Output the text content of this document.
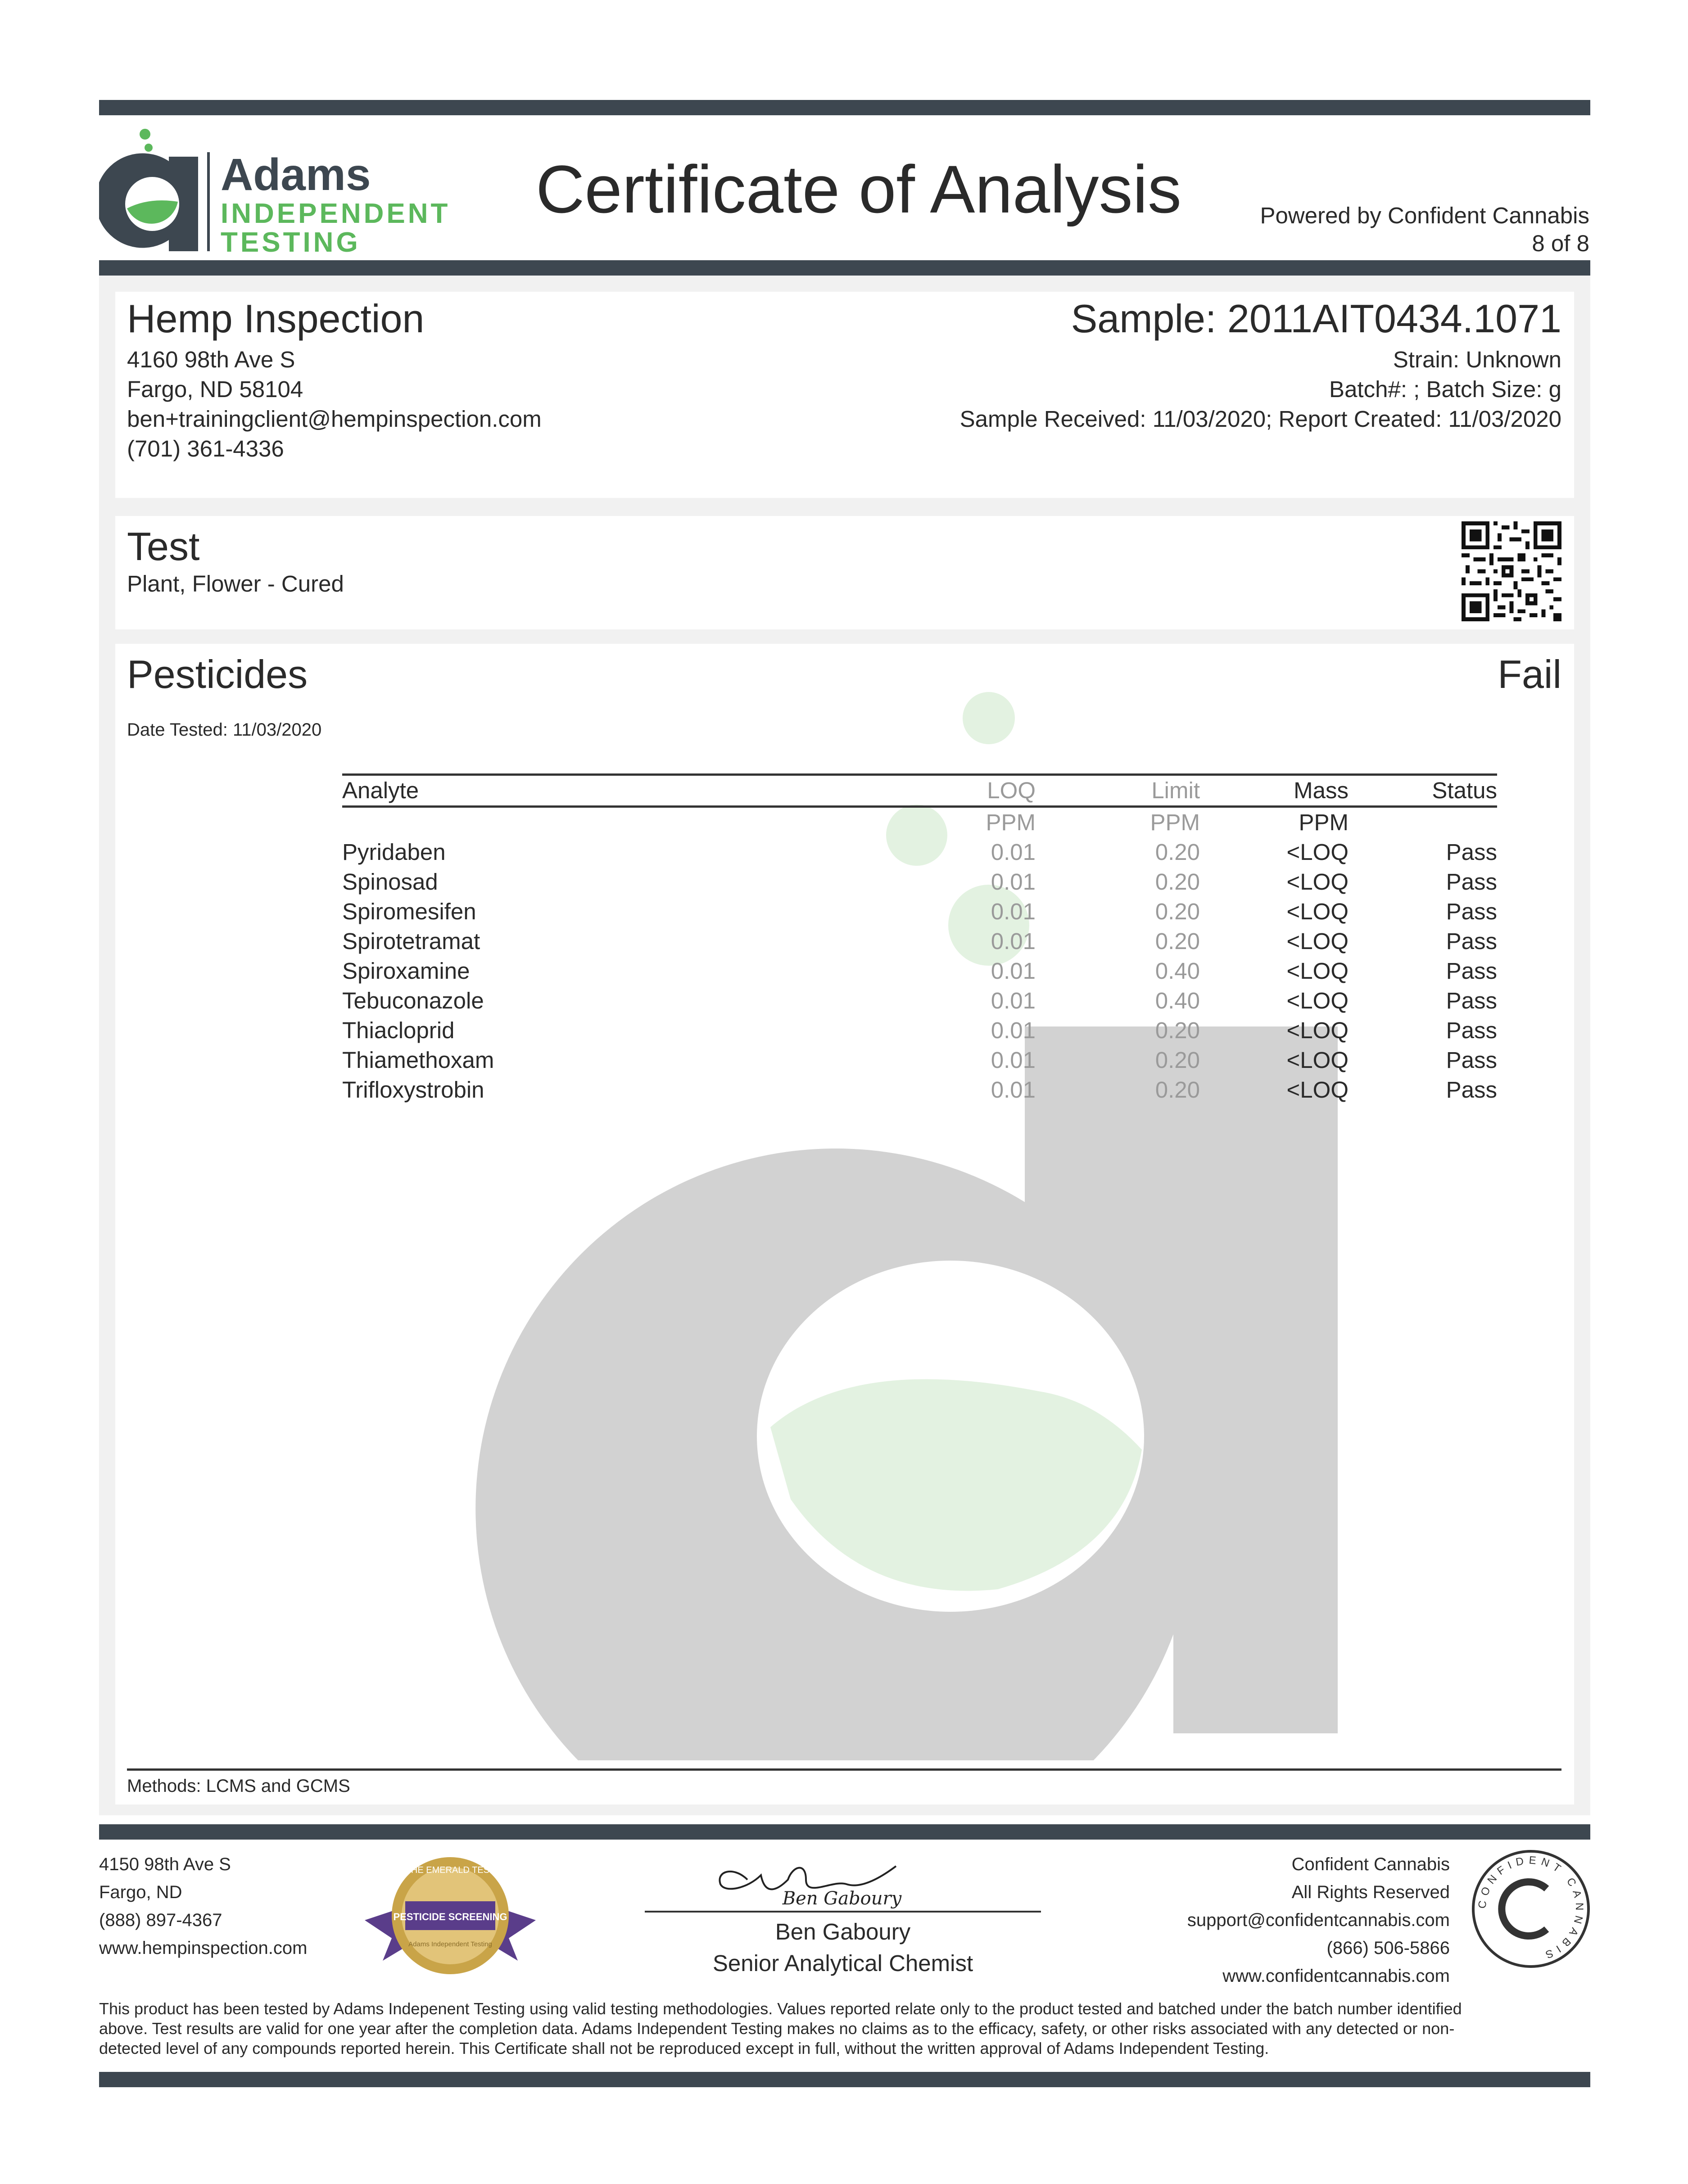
Adams
INDEPENDENT
TESTING
Certificate of Analysis	Powered by Confident Cannabis
8 of 8
Hemp Inspection
4160 98th Ave S
Fargo, ND 58104
ben+trainingclient@hempinspection.com
(701) 361-4336
Sample: 2011AIT0434.1071
Strain: Unknown
Batch#: ; Batch Size: g
Sample Received: 11/03/2020; Report Created: 11/03/2020
Test
Plant, Flower - Cured
Pesticides	Fail
Date Tested: 11/03/2020
Analyte	LOQ	Limit	Mass	Status
	PPM	PPM	PPM	
Pyridaben	0.01	0.20	<LOQ	Pass
Spinosad	0.01	0.20	<LOQ	Pass
Spiromesifen	0.01	0.20	<LOQ	Pass
Spirotetramat	0.01	0.20	<LOQ	Pass
Spiroxamine	0.01	0.40	<LOQ	Pass
Tebuconazole	0.01	0.40	<LOQ	Pass
Thiacloprid	0.01	0.20	<LOQ	Pass
Thiamethoxam	0.01	0.20	<LOQ	Pass
Trifloxystrobin	0.01	0.20	<LOQ	Pass
Methods: LCMS and GCMS
4150 98th Ave S
Fargo, ND
(888) 897-4367
www.hempinspection.com
THE EMERALD TEST
PESTICIDE SCREENING
Adams Independent Testing
Ben Gaboury
Ben Gaboury
Senior Analytical Chemist
Confident Cannabis
All Rights Reserved
support@confidentcannabis.com
(866) 506-5866
www.confidentcannabis.com
CONFIDENT CANNABIS
This product has been tested by Adams Indepenent Testing using valid testing methodologies. Values reported relate only to the product tested and batched under the batch number identified
above. Test results are valid for one year after the completion data. Adams Independent Testing makes no claims as to the efficacy, safety, or other risks associated with any detected or non-
detected level of any compounds reported herein. This Certificate shall not be reproduced except in full, without the written approval of Adams Independent Testing.
